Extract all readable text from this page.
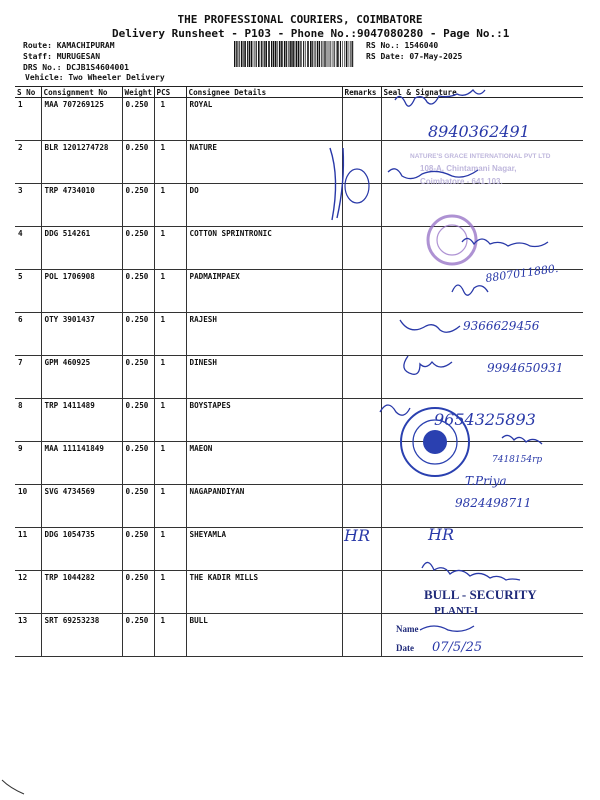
THE PROFESSIONAL COURIERS, COIMBATORE
Delivery Runsheet - P103 - Phone No.:9047080280 - Page No.:1
Route: KAMACHIPURAM
Staff: MURUGESAN
DRS No.: DCJB1S4604001
RS No.: 1546040
RS Date: 07-May-2025
Vehicle: Two Wheeler Delivery
S No	Consignment No	Weight	PCS	Consignee Details	Remarks	Seal & Signature
1	MAA 707269125	0.250	1	ROYAL		
2	BLR 1201274728	0.250	1	NATURE		
3	TRP 4734010	0.250	1	DO		
4	DDG 514261	0.250	1	COTTON SPRINTRONIC		
5	POL 1706908	0.250	1	PADMAIMPAEX		
6	OTY 3901437	0.250	1	RAJESH		
7	GPM 460925	0.250	1	DINESH		
8	TRP 1411489	0.250	1	BOYSTAPES		
9	MAA 111141849	0.250	1	MAEON		
10	SVG 4734569	0.250	1	NAGAPANDIYAN		
11	DDG 1054735	0.250	1	SHEYAMLA		
12	TRP 1044282	0.250	1	THE KADIR MILLS		
13	SRT 69253238	0.250	1	BULL		
8940362491
NATURE'S GRACE INTERNATIONAL PVT LTD
108-A, Chintamani Nagar,
Coimbatore - 641 103.
8807011880.
9366629456
9994650931
9654325893
7418154rp
T.Priya
9824498711
HR	HR
BULL - SECURITY
PLANT-I
Name
Date 07/5/25
